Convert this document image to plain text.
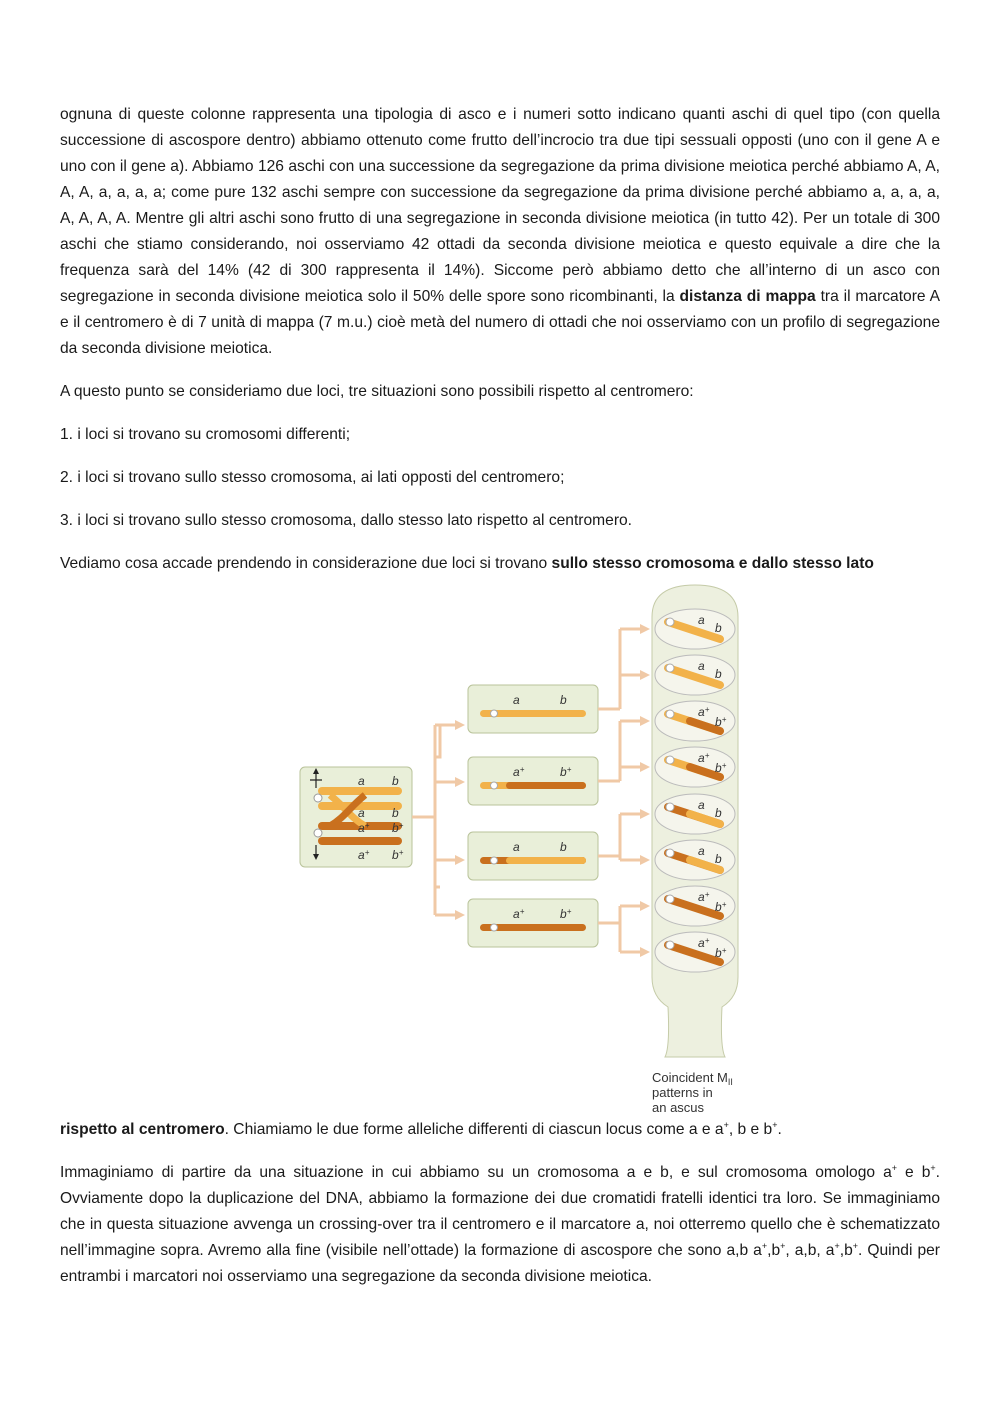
ognuna di queste colonne rappresenta una tipologia di asco e i numeri sotto indicano quanti aschi di quel tipo (con quella successione di ascospore dentro) abbiamo ottenuto come frutto dell’incrocio tra due tipi sessuali opposti (uno con il gene A e uno con il gene a). Abbiamo 126 aschi con una successione da segregazione da prima divisione meiotica perché abbiamo A, A, A, A, a, a, a, a; come pure 132 aschi sempre con successione da segregazione da prima divisione perché abbiamo a, a, a, a, A, A, A, A. Mentre gli altri aschi sono frutto di una segregazione in seconda divisione meiotica (in tutto 42). Per un totale di 300 aschi che stiamo considerando, noi osserviamo 42 ottadi da seconda divisione meiotica e questo equivale a dire che la frequenza sarà del 14% (42 di 300 rappresenta il 14%). Siccome però abbiamo detto che all’interno di un asco con segregazione in seconda divisione meiotica solo il 50% delle spore sono ricombinanti, la distanza di mappa tra il marcatore A e il centromero è di 7 unità di mappa (7 m.u.) cioè metà del numero di ottadi che noi osserviamo con un profilo di segregazione da seconda divisione meiotica.

A questo punto se consideriamo due loci, tre situazioni sono possibili rispetto al centromero:

1. i loci si trovano su cromosomi differenti;

2. i loci si trovano sullo stesso cromosoma, ai lati opposti del centromero;

3. i loci si trovano sullo stesso cromosoma, dallo stesso lato rispetto al centromero.

Vediamo cosa accade prendendo in considerazione due loci si trovano sullo stesso cromosoma e dallo stesso lato

a b
a b
a+ b+
a+ b+
a	b
a+	b+
a	b
a+	b+
a
b
a
b
a+
b+
a+
b+
a
b
a
b
a+
b+
a+
b+
Coincident $M_{II}$
patterns in
an ascus

rispetto al centromero. Chiamiamo le due forme alleliche differenti di ciascun locus come a e a+, b e b+.

Immaginiamo di partire da una situazione in cui abbiamo su un cromosoma a e b, e sul cromosoma omologo a+ e b+. Ovviamente dopo la duplicazione del DNA, abbiamo la formazione dei due cromatidi fratelli identici tra loro. Se immaginiamo che in questa situazione avvenga un crossing-over tra il centromero e il marcatore a, noi otterremo quello che è schematizzato nell’immagine sopra. Avremo alla fine (visibile nell’ottade) la formazione di ascospore che sono a,b a+,b+, a,b, a+,b+. Quindi per entrambi i marcatori noi osserviamo una segregazione da seconda divisione meiotica.
